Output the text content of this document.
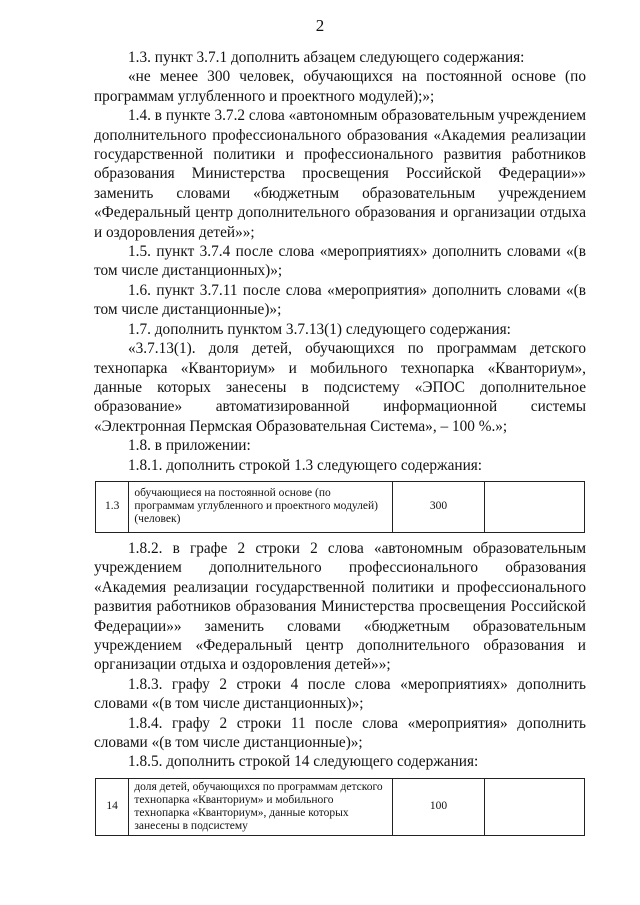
2

1.3. пункт 3.7.1 дополнить абзацем следующего содержания:

«не менее 300 человек, обучающихся на постоянной основе (по программам углубленного и проектного модулей);»;

1.4. в пункте 3.7.2 слова «автономным образовательным учреждением дополнительного профессионального образования «Академия реализации государственной политики и профессионального развития работников образования Министерства просвещения Российской Федерации»» заменить словами «бюджетным образовательным учреждением «Федеральный центр дополнительного образования и организации отдыха и оздоровления детей»»;

1.5. пункт 3.7.4 после слова «мероприятиях» дополнить словами «(в том числе дистанционных)»;

1.6. пункт 3.7.11 после слова «мероприятия» дополнить словами «(в том числе дистанционные)»;

1.7. дополнить пунктом 3.7.13(1) следующего содержания:

«3.7.13(1). доля детей, обучающихся по программам детского технопарка «Кванториум» и мобильного технопарка «Кванториум», данные которых занесены в подсистему «ЭПОС дополнительное образование» автоматизированной информационной системы «Электронная Пермская Образовательная Система», – 100 %.»;

1.8. в приложении:

1.8.1. дополнить строкой 1.3 следующего содержания:

1.3	обучающиеся на постоянной основе (по программам углубленного и проектного модулей) (человек)	300	

1.8.2. в графе 2 строки 2 слова «автономным образовательным учреждением дополнительного профессионального образования «Академия реализации государственной политики и профессионального развития работников образования Министерства просвещения Российской Федерации»» заменить словами «бюджетным образовательным учреждением «Федеральный центр дополнительного образования и организации отдыха и оздоровления детей»»;

1.8.3. графу 2 строки 4 после слова «мероприятиях» дополнить словами «(в том числе дистанционных)»;

1.8.4. графу 2 строки 11 после слова «мероприятия» дополнить словами «(в том числе дистанционные)»;

1.8.5. дополнить строкой 14 следующего содержания:

14	доля детей, обучающихся по программам детского технопарка «Кванториум» и мобильного технопарка «Кванториум», данные которых занесены в подсистему	100	
